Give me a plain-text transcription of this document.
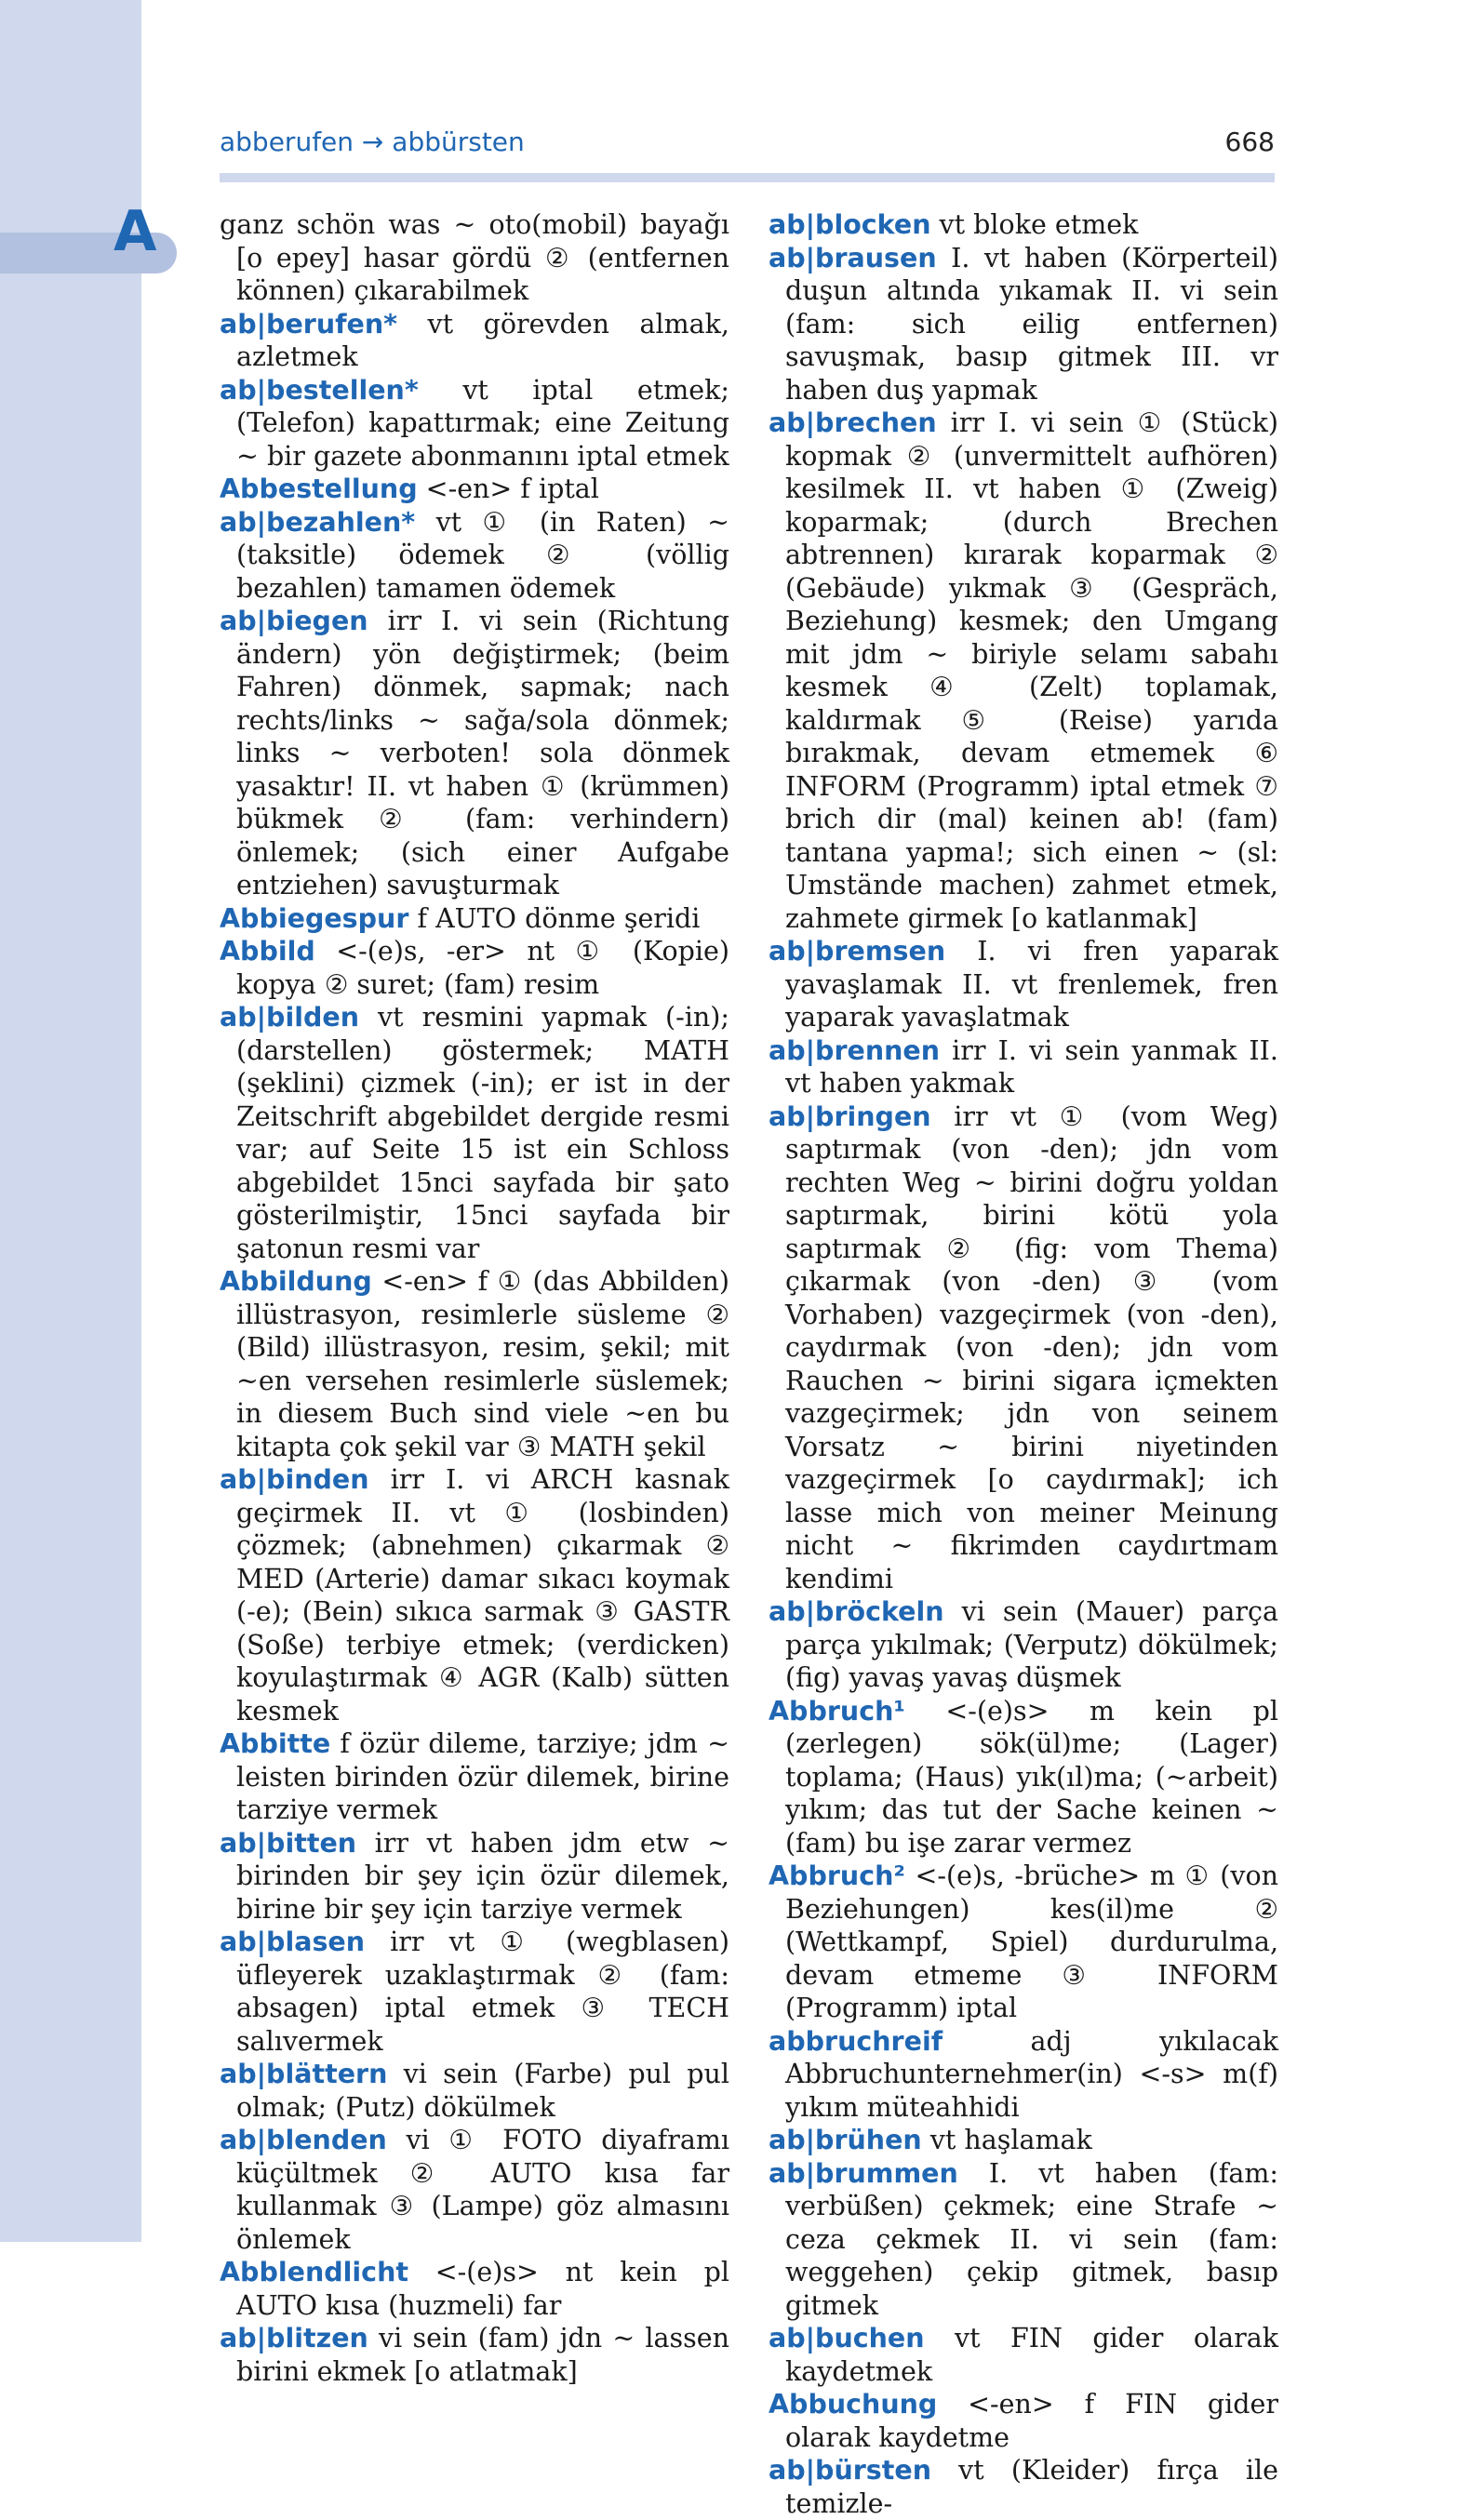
A
abberufen → abbürsten	668

ganz schön was ~ oto(mobil) bayağı [o epey] hasar gördü ② (entfernen können) çıkarabilmek

ab|berufen* vt görevden almak, azletmek

ab|bestellen* vt iptal etmek; (Telefon) kapattırmak; eine Zeitung ~ bir gazete abonmanını iptal etmek

Abbestellung <-en> f iptal

ab|bezahlen* vt ① (in Raten) ~ (taksitle) ödemek ② (völlig bezahlen) tamamen ödemek

ab|biegen irr I. vi sein (Richtung ändern) yön değiştirmek; (beim Fahren) dönmek, sapmak; nach rechts/links ~ sağa/sola dönmek; links ~ verboten! sola dönmek yasaktır! II. vt haben ① (krümmen) bükmek ② (fam: verhindern) önlemek; (sich einer Aufgabe entziehen) savuşturmak

Abbiegespur f AUTO dönme şeridi

Abbild <-(e)s, -er> nt ① (Kopie) kopya ② suret; (fam) resim

ab|bilden vt resmini yapmak (-in); (darstellen) göstermek; MATH (şeklini) çizmek (-in); er ist in der Zeitschrift abgebildet dergide resmi var; auf Seite 15 ist ein Schloss abgebildet 15nci sayfada bir şato gösterilmiştir, 15nci sayfada bir şatonun resmi var

Abbildung <-en> f ① (das Abbilden) illüstrasyon, resimlerle süsleme ② (Bild) illüstrasyon, resim, şekil; mit ~en versehen resimlerle süslemek; in diesem Buch sind viele ~en bu kitapta çok şekil var ③ MATH şekil

ab|binden irr I. vi ARCH kasnak geçirmek II. vt ① (losbinden) çözmek; (abnehmen) çıkarmak ② MED (Arterie) damar sıkacı koymak (-e); (Bein) sıkıca sarmak ③ GASTR (Soße) terbiye etmek; (verdicken) koyulaştırmak ④ AGR (Kalb) sütten kesmek

Abbitte f özür dileme, tarziye; jdm ~ leisten birinden özür dilemek, birine tarziye vermek

ab|bitten irr vt haben jdm etw ~ birinden bir şey için özür dilemek, birine bir şey için tarziye vermek

ab|blasen irr vt ① (wegblasen) üfleyerek uzaklaştırmak ② (fam: absagen) iptal etmek ③ TECH salıvermek

ab|blättern vi sein (Farbe) pul pul olmak; (Putz) dökülmek

ab|blenden vi ① FOTO diyaframı küçültmek ② AUTO kısa far kullanmak ③ (Lampe) göz almasını önlemek

Abblendlicht <-(e)s> nt kein pl AUTO kısa (huzmeli) far

ab|blitzen vi sein (fam) jdn ~ lassen birini ekmek [o atlatmak]

ab|blocken vt bloke etmek

ab|brausen I. vt haben (Körperteil) duşun altında yıkamak II. vi sein (fam: sich eilig entfernen) savuşmak, basıp gitmek III. vr haben duş yapmak

ab|brechen irr I. vi sein ① (Stück) kopmak ② (unvermittelt aufhören) kesilmek II. vt haben ① (Zweig) koparmak; (durch Brechen abtrennen) kırarak koparmak ② (Gebäude) yıkmak ③ (Gespräch, Beziehung) kesmek; den Umgang mit jdm ~ biriyle selamı sabahı kesmek ④ (Zelt) toplamak, kaldırmak ⑤ (Reise) yarıda bırakmak, devam etmemek ⑥ INFORM (Programm) iptal etmek ⑦ brich dir (mal) keinen ab! (fam) tantana yapma!; sich einen ~ (sl: Umstände machen) zahmet etmek, zahmete girmek [o katlanmak]

ab|bremsen I. vi fren yaparak yavaşlamak II. vt frenlemek, fren yaparak yavaşlatmak

ab|brennen irr I. vi sein yanmak II. vt haben yakmak

ab|bringen irr vt ① (vom Weg) saptırmak (von -den); jdn vom rechten Weg ~ birini doğru yoldan saptırmak, birini kötü yola saptırmak ② (fig: vom Thema) çıkarmak (von -den) ③ (vom Vorhaben) vazgeçirmek (von -den), caydırmak (von -den); jdn vom Rauchen ~ birini sigara içmekten vazgeçirmek; jdn von seinem Vorsatz ~ birini niyetinden vazgeçirmek [o caydırmak]; ich lasse mich von meiner Meinung nicht ~ fikrimden caydırtmam kendimi

ab|bröckeln vi sein (Mauer) parça parça yıkılmak; (Verputz) dökülmek; (fig) yavaş yavaş düşmek

Abbruch¹ <-(e)s> m kein pl (zerlegen) sök(ül)me; (Lager) toplama; (Haus) yık(ıl)ma; (~arbeit) yıkım; das tut der Sache keinen ~ (fam) bu işe zarar vermez

Abbruch² <-(e)s, -brüche> m ① (von Beziehungen) kes(il)me ② (Wettkampf, Spiel) durdurulma, devam etmeme ③ INFORM (Programm) iptal

abbruchreif adj yıkılacak Abbruchunternehmer(in) <-s> m(f) yıkım müteahhidi

ab|brühen vt haşlamak

ab|brummen I. vt haben (fam: verbüßen) çekmek; eine Strafe ~ ceza çekmek II. vi sein (fam: weggehen) çekip gitmek, basıp gitmek

ab|buchen vt FIN gider olarak kaydetmek

Abbuchung <-en> f FIN gider olarak kaydetme

ab|bürsten vt (Kleider) fırça ile temizle-
